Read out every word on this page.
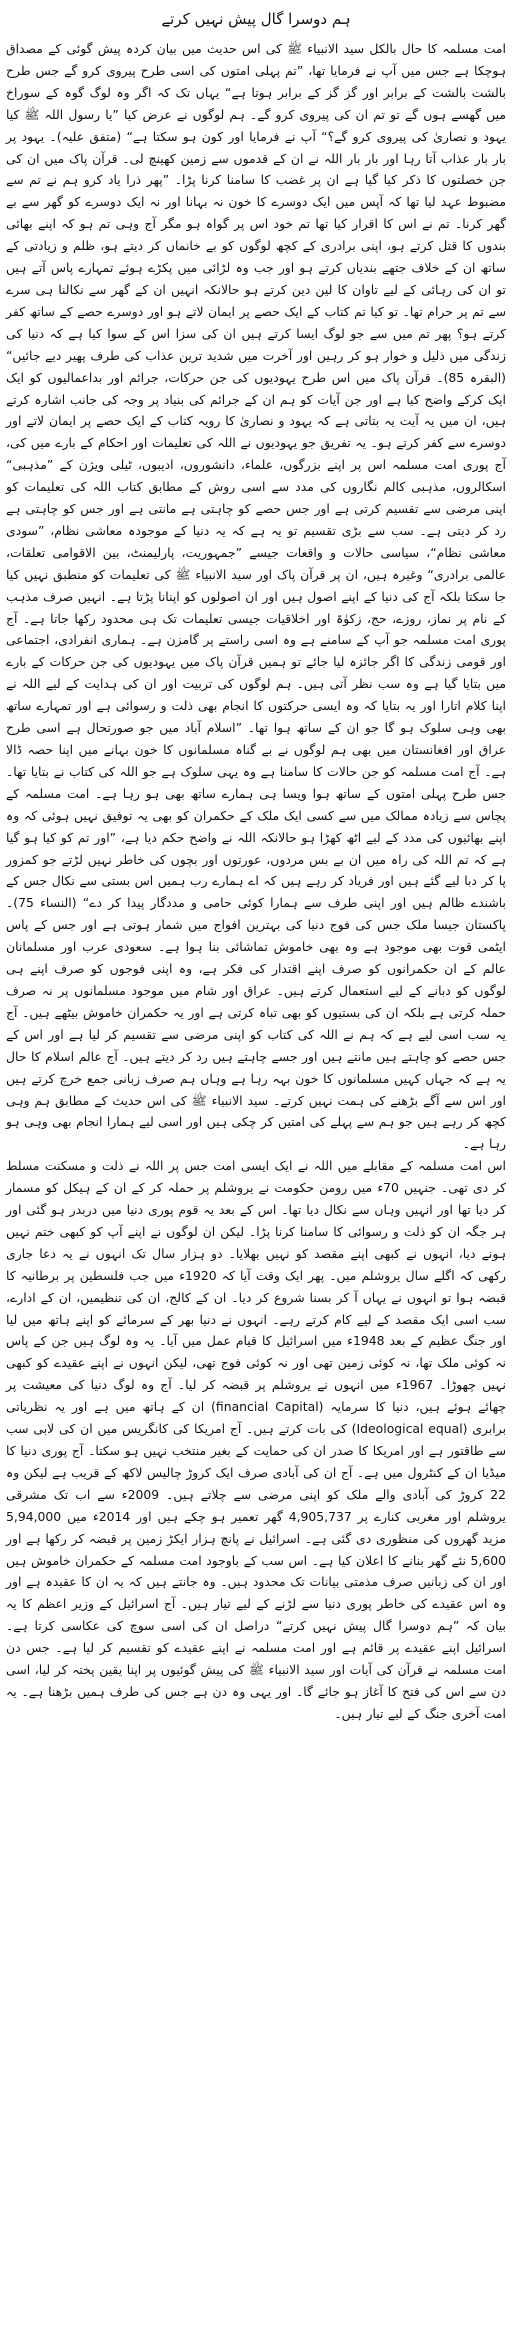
ہم دوسرا گال پیش نہیں کرتے

امت مسلمہ کا حال بالکل سید الانبیاء ﷺ کی اس حدیث میں بیان کردہ پیش گوئی کے مصداق ہوچکا ہے جس میں آپ نے فرمایا تھا، ”تم پہلی امتوں کی اسی طرح پیروی کرو گے جس طرح بالشت بالشت کے برابر اور گز گز کے برابر ہوتا ہے“ یہاں تک کہ اگر وہ لوگ گوہ کے سوراخ میں گھسے ہوں گے تو تم ان کی پیروی کرو گے۔ ہم لوگوں نے عرض کیا ”یا رسول اللہ ﷺ کیا یہود و نصاریٰ کی پیروی کرو گے؟“ آپ نے فرمایا اور کون ہو سکتا ہے“ (متفق علیہ)۔ یہود پر بار بار عذاب آتا رہا اور بار بار اللہ نے ان کے قدموں سے زمین کھینچ لی۔ قرآن پاک میں ان کی جن خصلتوں کا ذکر کیا گیا ہے ان پر غضب کا سامنا کرنا پڑا۔ ”پھر ذرا یاد کرو ہم نے تم سے مضبوط عہد لیا تھا کہ آپس میں ایک دوسرے کا خون نہ بہانا اور نہ ایک دوسرے کو گھر سے بے گھر کرنا۔ تم نے اس کا اقرار کیا تھا تم خود اس پر گواہ ہو مگر آج وہی تم ہو کہ اپنے بھائی بندوں کا قتل کرتے ہو، اپنی برادری کے کچھ لوگوں کو بے خانماں کر دیتے ہو، ظلم و زیادتی کے ساتھ ان کے خلاف جتھے بندیاں کرتے ہو اور جب وہ لڑائی میں پکڑے ہوئے تمہارے پاس آتے ہیں تو ان کی رہائی کے لیے تاوان کا لین دین کرتے ہو حالانکہ انہیں ان کے گھر سے نکالنا ہی سرے سے تم پر حرام تھا۔ تو کیا تم کتاب کے ایک حصے پر ایمان لاتے ہو اور دوسرے حصے کے ساتھ کفر کرتے ہو؟ پھر تم میں سے جو لوگ ایسا کرتے ہیں ان کی سزا اس کے سوا کیا ہے کہ دنیا کی زندگی میں ذلیل و خوار ہو کر رہیں اور آخرت میں شدید ترین عذاب کی طرف پھیر دیے جائیں“ (البقرہ 85)۔ قرآن پاک میں اس طرح یہودیوں کی جن حرکات، جرائم اور بداعمالیوں کو ایک ایک کرکے واضح کیا ہے اور جن آیات کو ہم ان کے جرائم کی بنیاد پر وجہ کی جانب اشارہ کرتے ہیں، ان میں یہ آیت یہ بتاتی ہے کہ یہود و نصاریٰ کا رویہ کتاب کے ایک حصے پر ایمان لاتے اور دوسرے سے کفر کرتے ہو۔ یہ تفریق جو یہودیوں نے اللہ کی تعلیمات اور احکام کے بارے میں کی، آج پوری امت مسلمہ اس پر اپنے بزرگوں، علماء، دانشوروں، ادیبوں، ٹیلی ویژن کے ”مذہبی“ اسکالروں، مذہبی کالم نگاروں کی مدد سے اسی روش کے مطابق کتاب اللہ کی تعلیمات کو اپنی مرضی سے تقسیم کرتی ہے اور جس حصے کو چاہتی ہے مانتی ہے اور جس کو چاہتی ہے رد کر دیتی ہے۔ سب سے بڑی تقسیم تو یہ ہے کہ یہ دنیا کے موجودہ معاشی نظام، ”سودی معاشی نظام“، سیاسی حالات و واقعات جیسے ”جمہوریت، پارلیمنٹ، بین الاقوامی تعلقات، عالمی برادری“ وغیرہ ہیں، ان پر قرآن پاک اور سید الانبیاء ﷺ کی تعلیمات کو منطبق نہیں کیا جا سکتا بلکہ آج کی دنیا کے اپنے اصول ہیں اور ان اصولوں کو اپنانا پڑتا ہے۔ انہیں صرف مذہب کے نام پر نماز، روزے، حج، زکوٰۃ اور اخلاقیات جیسی تعلیمات تک ہی محدود رکھا جاتا ہے۔ آج پوری امت مسلمہ جو آپ کے سامنے ہے وہ اسی راستے پر گامزن ہے۔ ہماری انفرادی، اجتماعی اور قومی زندگی کا اگر جائزہ لیا جائے تو ہمیں قرآن پاک میں یہودیوں کی جن حرکات کے بارے میں بتایا گیا ہے وہ سب نظر آتی ہیں۔ ہم لوگوں کی تربیت اور ان کی ہدایت کے لیے اللہ نے اپنا کلام اتارا اور یہ بتایا کہ وہ ایسی حرکتوں کا انجام بھی ذلت و رسوائی ہے اور تمہارے ساتھ بھی وہی سلوک ہو گا جو ان کے ساتھ ہوا تھا۔ ”اسلام آباد میں جو صورتحال ہے اسی طرح عراق اور افغانستان میں بھی ہم لوگوں نے بے گناہ مسلمانوں کا خون بہانے میں اپنا حصہ ڈالا ہے۔ آج امت مسلمہ کو جن حالات کا سامنا ہے وہ یہی سلوک ہے جو اللہ کی کتاب نے بتایا تھا۔ جس طرح پہلی امتوں کے ساتھ ہوا ویسا ہی ہمارے ساتھ بھی ہو رہا ہے۔ امت مسلمہ کے پچاس سے زیادہ ممالک میں سے کسی ایک ملک کے حکمران کو بھی یہ توفیق نہیں ہوئی کہ وہ اپنے بھائیوں کی مدد کے لیے اٹھ کھڑا ہو حالانکہ اللہ نے واضح حکم دیا ہے، ”اور تم کو کیا ہو گیا ہے کہ تم اللہ کی راہ میں ان بے بس مردوں، عورتوں اور بچوں کی خاطر نہیں لڑتے جو کمزور پا کر دبا لیے گئے ہیں اور فریاد کر رہے ہیں کہ اے ہمارے رب ہمیں اس بستی سے نکال جس کے باشندے ظالم ہیں اور اپنی طرف سے ہمارا کوئی حامی و مددگار پیدا کر دے“ (النساء 75)۔ پاکستان جیسا ملک جس کی فوج دنیا کی بہترین افواج میں شمار ہوتی ہے اور جس کے پاس ایٹمی قوت بھی موجود ہے وہ بھی خاموش تماشائی بنا ہوا ہے۔ سعودی عرب اور مسلمانان عالم کے ان حکمرانوں کو صرف اپنے اقتدار کی فکر ہے، وہ اپنی فوجوں کو صرف اپنے ہی لوگوں کو دبانے کے لیے استعمال کرتے ہیں۔ عراق اور شام میں موجود مسلمانوں پر نہ صرف حملہ کرتی ہے بلکہ ان کی بستیوں کو بھی تباہ کرتی ہے اور یہ حکمران خاموش بیٹھے ہیں۔ آج یہ سب اسی لیے ہے کہ ہم نے اللہ کی کتاب کو اپنی مرضی سے تقسیم کر لیا ہے اور اس کے جس حصے کو چاہتے ہیں مانتے ہیں اور جسے چاہتے ہیں رد کر دیتے ہیں۔ آج عالم اسلام کا حال یہ ہے کہ جہاں کہیں مسلمانوں کا خون بہہ رہا ہے وہاں ہم صرف زبانی جمع خرچ کرتے ہیں اور اس سے آگے بڑھنے کی ہمت نہیں کرتے۔ سید الانبیاء ﷺ کی اس حدیث کے مطابق ہم وہی کچھ کر رہے ہیں جو ہم سے پہلے کی امتیں کر چکی ہیں اور اسی لیے ہمارا انجام بھی وہی ہو رہا ہے۔

اس امت مسلمہ کے مقابلے میں اللہ نے ایک ایسی امت جس پر اللہ نے ذلت و مسکنت مسلط کر دی تھی۔ جنہیں 70ء میں رومن حکومت نے یروشلم پر حملہ کر کے ان کے ہیکل کو مسمار کر دیا تھا اور انہیں وہاں سے نکال دیا تھا۔ اس کے بعد یہ قوم پوری دنیا میں دربدر ہو گئی اور ہر جگہ ان کو ذلت و رسوائی کا سامنا کرنا پڑا۔ لیکن ان لوگوں نے اپنے آپ کو کبھی ختم نہیں ہونے دیا، انہوں نے کبھی اپنے مقصد کو نہیں بھلایا۔ دو ہزار سال تک انہوں نے یہ دعا جاری رکھی کہ اگلے سال یروشلم میں۔ پھر ایک وقت آیا کہ 1920ء میں جب فلسطین پر برطانیہ کا قبضہ ہوا تو انہوں نے یہاں آ کر بسنا شروع کر دیا۔ ان کے کالج، ان کی تنظیمیں، ان کے ادارے، سب اسی ایک مقصد کے لیے کام کرتے رہے۔ انہوں نے دنیا بھر کے سرمائے کو اپنے ہاتھ میں لیا اور جنگ عظیم کے بعد 1948ء میں اسرائیل کا قیام عمل میں آیا۔ یہ وہ لوگ ہیں جن کے پاس نہ کوئی ملک تھا، نہ کوئی زمین تھی اور نہ کوئی فوج تھی، لیکن انہوں نے اپنے عقیدے کو کبھی نہیں چھوڑا۔ 1967ء میں انہوں نے یروشلم پر قبضہ کر لیا۔ آج وہ لوگ دنیا کی معیشت پر چھائے ہوئے ہیں، دنیا کا سرمایہ (financial Capital) ان کے ہاتھ میں ہے اور یہ نظریاتی برابری (Ideological equal) کی بات کرتے ہیں۔ آج امریکا کی کانگریس میں ان کی لابی سب سے طاقتور ہے اور امریکا کا صدر ان کی حمایت کے بغیر منتخب نہیں ہو سکتا۔ آج پوری دنیا کا میڈیا ان کے کنٹرول میں ہے۔ آج ان کی آبادی صرف ایک کروڑ چالیس لاکھ کے قریب ہے لیکن وہ 22 کروڑ کی آبادی والے ملک کو اپنی مرضی سے چلاتے ہیں۔ 2009ء سے اب تک مشرقی یروشلم اور مغربی کنارے پر 4,905,737 گھر تعمیر ہو چکے ہیں اور 2014ء میں 5,94,000 مزید گھروں کی منظوری دی گئی ہے۔ اسرائیل نے پانچ ہزار ایکڑ زمین پر قبضہ کر رکھا ہے اور 5,600 نئے گھر بنانے کا اعلان کیا ہے۔ اس سب کے باوجود امت مسلمہ کے حکمران خاموش ہیں اور ان کی زبانیں صرف مذمتی بیانات تک محدود ہیں۔ وہ جانتے ہیں کہ یہ ان کا عقیدہ ہے اور وہ اس عقیدے کی خاطر پوری دنیا سے لڑنے کے لیے تیار ہیں۔ آج اسرائیل کے وزیر اعظم کا یہ بیان کہ ”ہم دوسرا گال پیش نہیں کرتے“ دراصل ان کی اسی سوچ کی عکاسی کرتا ہے۔ اسرائیل اپنے عقیدے پر قائم ہے اور امت مسلمہ نے اپنے عقیدے کو تقسیم کر لیا ہے۔ جس دن امت مسلمہ نے قرآن کی آیات اور سید الانبیاء ﷺ کی پیش گوئیوں پر اپنا یقین پختہ کر لیا، اسی دن سے اس کی فتح کا آغاز ہو جائے گا۔ اور یہی وہ دن ہے جس کی طرف ہمیں بڑھنا ہے۔ یہ امت آخری جنگ کے لیے تیار ہیں۔
